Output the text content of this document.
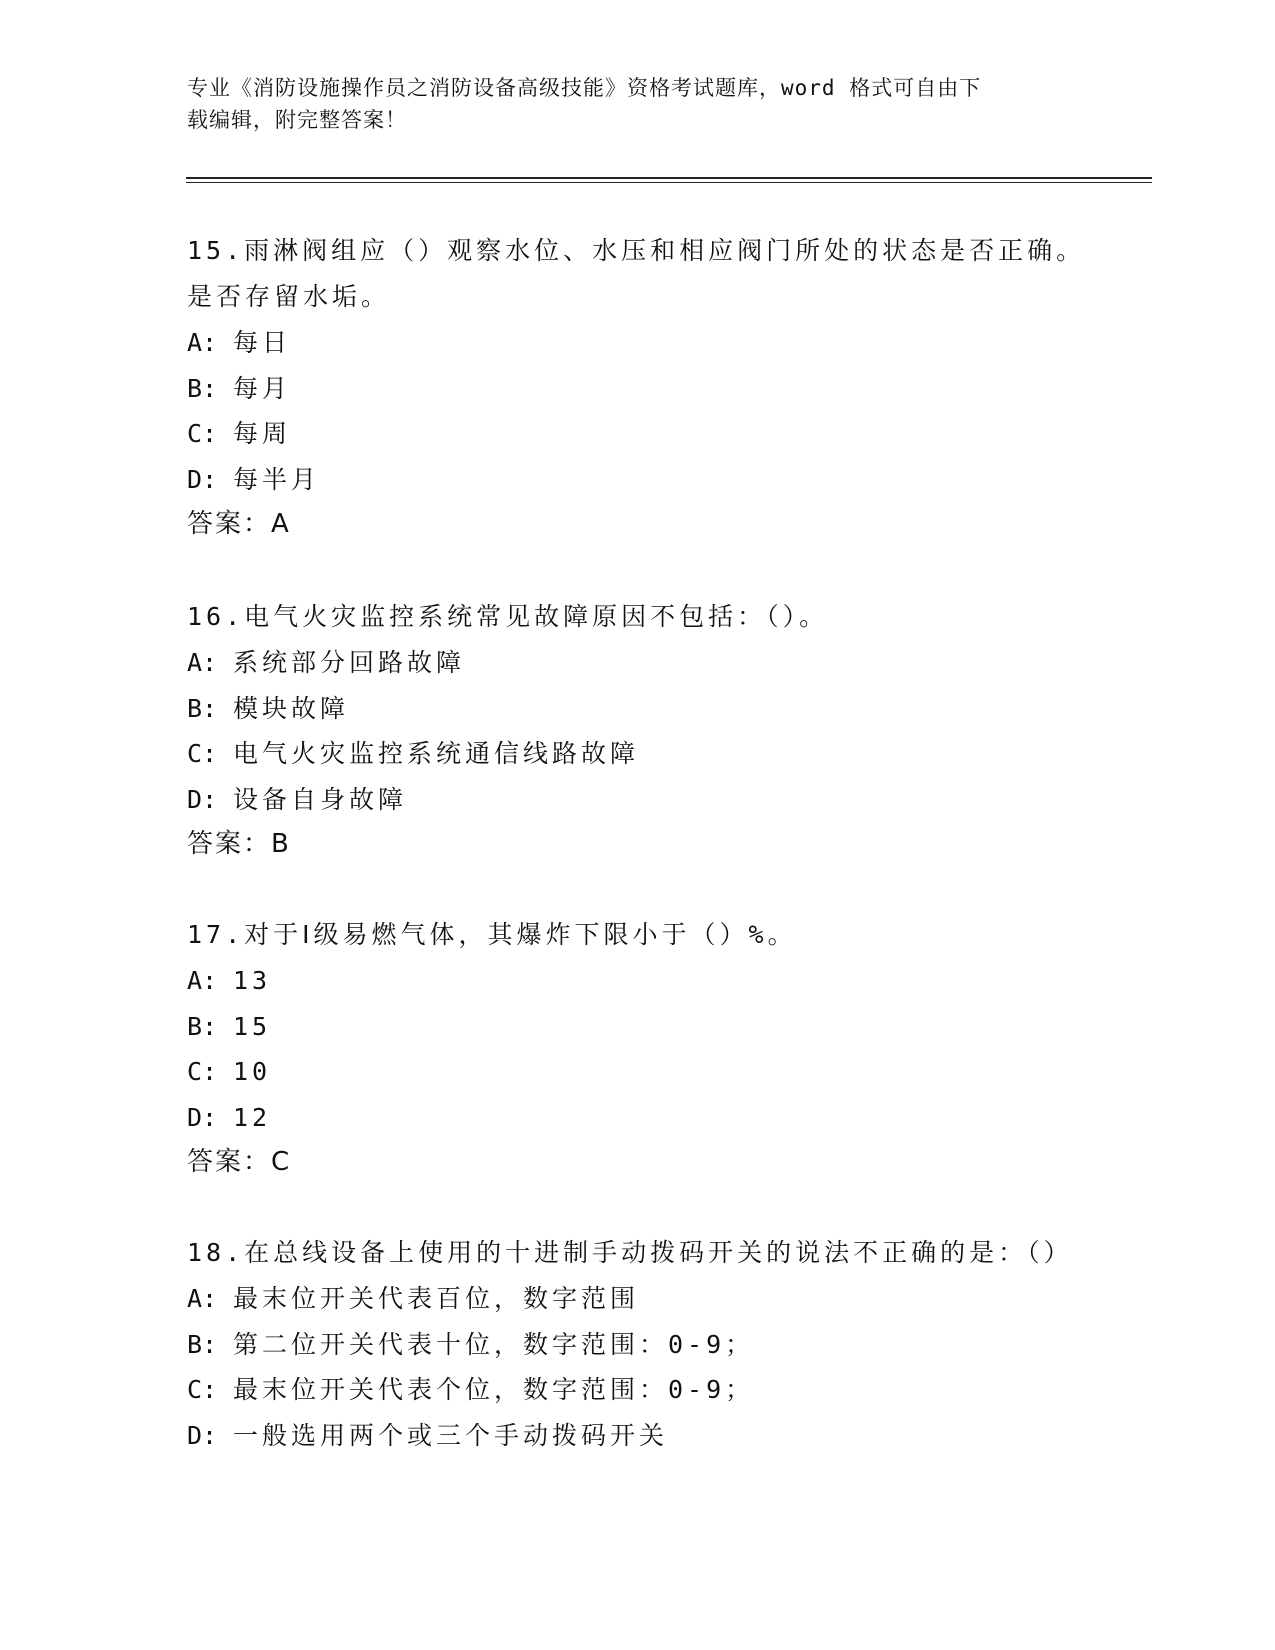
专业《消防设施操作员之消防设备高级技能》资格考试题库，word 格式可自由下
载编辑，附完整答案！
15.雨淋阀组应（）观察水位、水压和相应阀门所处的状态是否正确。
是否存留水垢。
A: 每日
B: 每月
C: 每周
D: 每半月
答案：A
16.电气火灾监控系统常见故障原因不包括：（）。
A: 系统部分回路故障
B: 模块故障
C: 电气火灾监控系统通信线路故障
D: 设备自身故障
答案：B
17.对于Ⅰ级易燃气体，其爆炸下限小于（）%。
A: 13
B: 15
C: 10
D: 12
答案：C
18.在总线设备上使用的十进制手动拨码开关的说法不正确的是：（）
A: 最末位开关代表百位，数字范围
B: 第二位开关代表十位，数字范围：0-9；
C: 最末位开关代表个位，数字范围：0-9；
D: 一般选用两个或三个手动拨码开关
